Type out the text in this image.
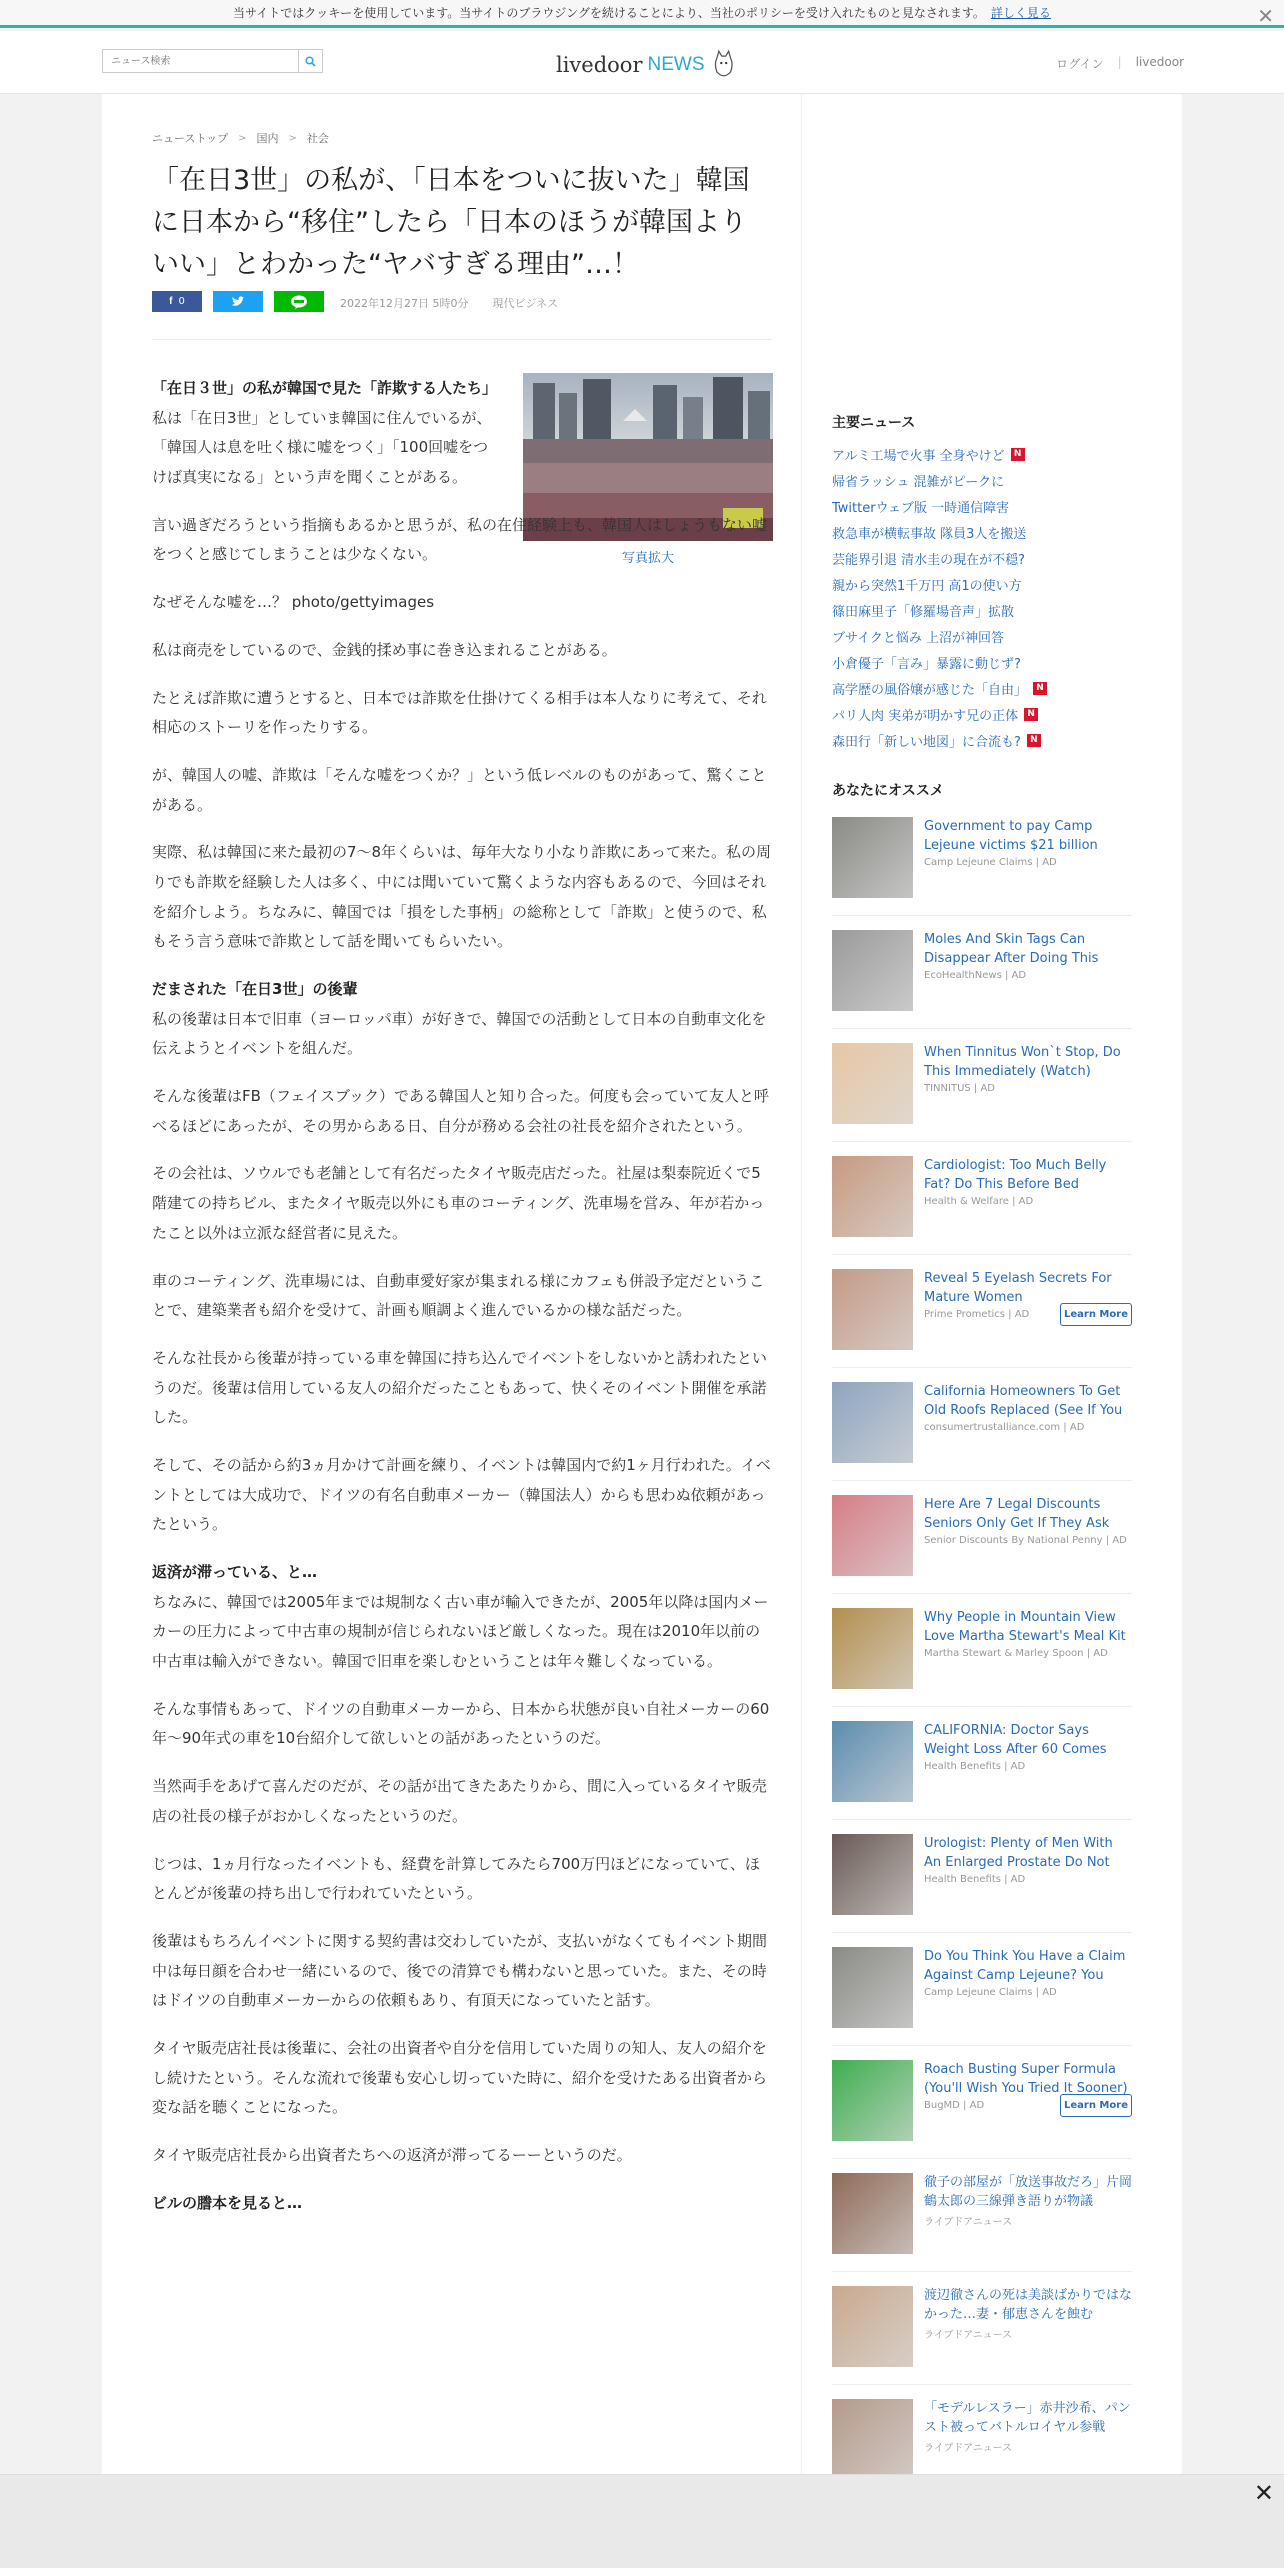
当サイトではクッキーを使用しています。当サイトのブラウジングを続けることにより、当社のポリシーを受け入れたものと見なされます。 詳しく見る	✕
ニュース検索
livedoor NEWS	ログイン | livedoor
ニューストップ > 国内 > 社会
「在日3世」の私が、「日本をついに抜いた」韓国に日本から“移住”したら「日本のほうが韓国よりいい」とわかった“ヤバすぎる理由”…！
f 0	2022年12月27日 5時0分 現代ビジネス
写真拡大

「在日３世」の私が韓国で見た「詐欺する人たち」

私は「在日3世」としていま韓国に住んでいるが、「韓国人は息を吐く様に嘘をつく」「100回嘘をつけば真実になる」という声を聞くことがある。

言い過ぎだろうという指摘もあるかと思うが、私の在住経験上も、韓国人はしょうもない嘘をつくと感じてしまうことは少なくない。

なぜそんな嘘を…？ photo/gettyimages

私は商売をしているので、金銭的揉め事に巻き込まれることがある。

たとえば詐欺に遭うとすると、日本では詐欺を仕掛けてくる相手は本人なりに考えて、それ相応のストーリを作ったりする。

が、韓国人の嘘、詐欺は「そんな嘘をつくか？」という低レベルのものがあって、驚くことがある。

実際、私は韓国に来た最初の7～8年くらいは、毎年大なり小なり詐欺にあって来た。私の周りでも詐欺を経験した人は多く、中には聞いていて驚くような内容もあるので、今回はそれを紹介しよう。ちなみに、韓国では「損をした事柄」の総称として「詐欺」と使うので、私もそう言う意味で詐欺として話を聞いてもらいたい。

だまされた「在日3世」の後輩

私の後輩は日本で旧車（ヨーロッパ車）が好きで、韓国での活動として日本の自動車文化を伝えようとイベントを組んだ。

そんな後輩はFB（フェイスブック）である韓国人と知り合った。何度も会っていて友人と呼べるほどにあったが、その男からある日、自分が務める会社の社長を紹介されたという。

その会社は、ソウルでも老舗として有名だったタイヤ販売店だった。社屋は梨泰院近くで5階建ての持ちビル、またタイヤ販売以外にも車のコーティング、洗車場を営み、年が若かったこと以外は立派な経営者に見えた。

車のコーティング、洗車場には、自動車愛好家が集まれる様にカフェも併設予定だということで、建築業者も紹介を受けて、計画も順調よく進んでいるかの様な話だった。

そんな社長から後輩が持っている車を韓国に持ち込んでイベントをしないかと誘われたというのだ。後輩は信用している友人の紹介だったこともあって、快くそのイベント開催を承諾した。

そして、その話から約3ヵ月かけて計画を練り、イベントは韓国内で約1ヶ月行われた。イベントとしては大成功で、ドイツの有名自動車メーカー（韓国法人）からも思わぬ依頼があったという。

返済が滞っている、と…

ちなみに、韓国では2005年までは規制なく古い車が輸入できたが、2005年以降は国内メーカーの圧力によって中古車の規制が信じられないほど厳しくなった。現在は2010年以前の中古車は輸入ができない。韓国で旧車を楽しむということは年々難しくなっている。

そんな事情もあって、ドイツの自動車メーカーから、日本から状態が良い自社メーカーの60年～90年式の車を10台紹介して欲しいとの話があったというのだ。

当然両手をあげて喜んだのだが、その話が出てきたあたりから、間に入っているタイヤ販売店の社長の様子がおかしくなったというのだ。

じつは、1ヵ月行なったイベントも、経費を計算してみたら700万円ほどになっていて、ほとんどが後輩の持ち出しで行われていたという。

後輩はもちろんイベントに関する契約書は交わしていたが、支払いがなくてもイベント期間中は毎日顔を合わせ一緒にいるので、後での清算でも構わないと思っていた。また、その時はドイツの自動車メーカーからの依頼もあり、有頂天になっていたと話す。

タイヤ販売店社長は後輩に、会社の出資者や自分を信用していた周りの知人、友人の紹介をし続けたという。そんな流れで後輩も安心し切っていた時に、紹介を受けたある出資者から変な話を聴くことになった。

タイヤ販売店社長から出資者たちへの返済が滞ってるーーというのだ。

ビルの謄本を見ると…

主要ニュース
アルミ工場で火事 全身やけど	N
帰省ラッシュ 混雑がピークに
Twitterウェブ版 一時通信障害
救急車が横転事故 隊員3人を搬送
芸能界引退 清水圭の現在が不穏?
親から突然1千万円 高1の使い方
篠田麻里子「修羅場音声」拡散
ブサイクと悩み 上沼が神回答
小倉優子「言み」暴露に動じず?
高学歴の風俗嬢が感じた「自由」	N
パリ人肉 実弟が明かす兄の正体	N
森田行「新しい地図」に合流も?	N
あなたにオススメ
Government to pay Camp Lejeune victims $21 billion
Camp Lejeune Claims | AD
Moles And Skin Tags Can Disappear After Doing This
EcoHealthNews | AD
When Tinnitus Won`t Stop, Do This Immediately (Watch)
TINNITUS | AD
Cardiologist: Too Much Belly Fat? Do This Before Bed
Health & Welfare | AD
Reveal 5 Eyelash Secrets For Mature Women
Prime Prometics | AD	Learn More
California Homeowners To Get Old Roofs Replaced (See If You
consumertrustalliance.com | AD
Here Are 7 Legal Discounts Seniors Only Get If They Ask
Senior Discounts By National Penny | AD
Why People in Mountain View Love Martha Stewart's Meal Kit
Martha Stewart & Marley Spoon | AD
CALIFORNIA: Doctor Says Weight Loss After 60 Comes
Health Benefits | AD
Urologist: Plenty of Men With An Enlarged Prostate Do Not
Health Benefits | AD
Do You Think You Have a Claim Against Camp Lejeune? You
Camp Lejeune Claims | AD
Roach Busting Super Formula (You'll Wish You Tried It Sooner)
BugMD | AD	Learn More
徹子の部屋が「放送事故だろ」片岡鶴太郎の三線弾き語りが物議
ライブドアニュース
渡辺徹さんの死は美談ばかりではなかった…妻・郁恵さんを蝕む
ライブドアニュース
「モデルレスラー」赤井沙希、パンスト被ってバトルロイヤル参戦
ライブドアニュース
✕
